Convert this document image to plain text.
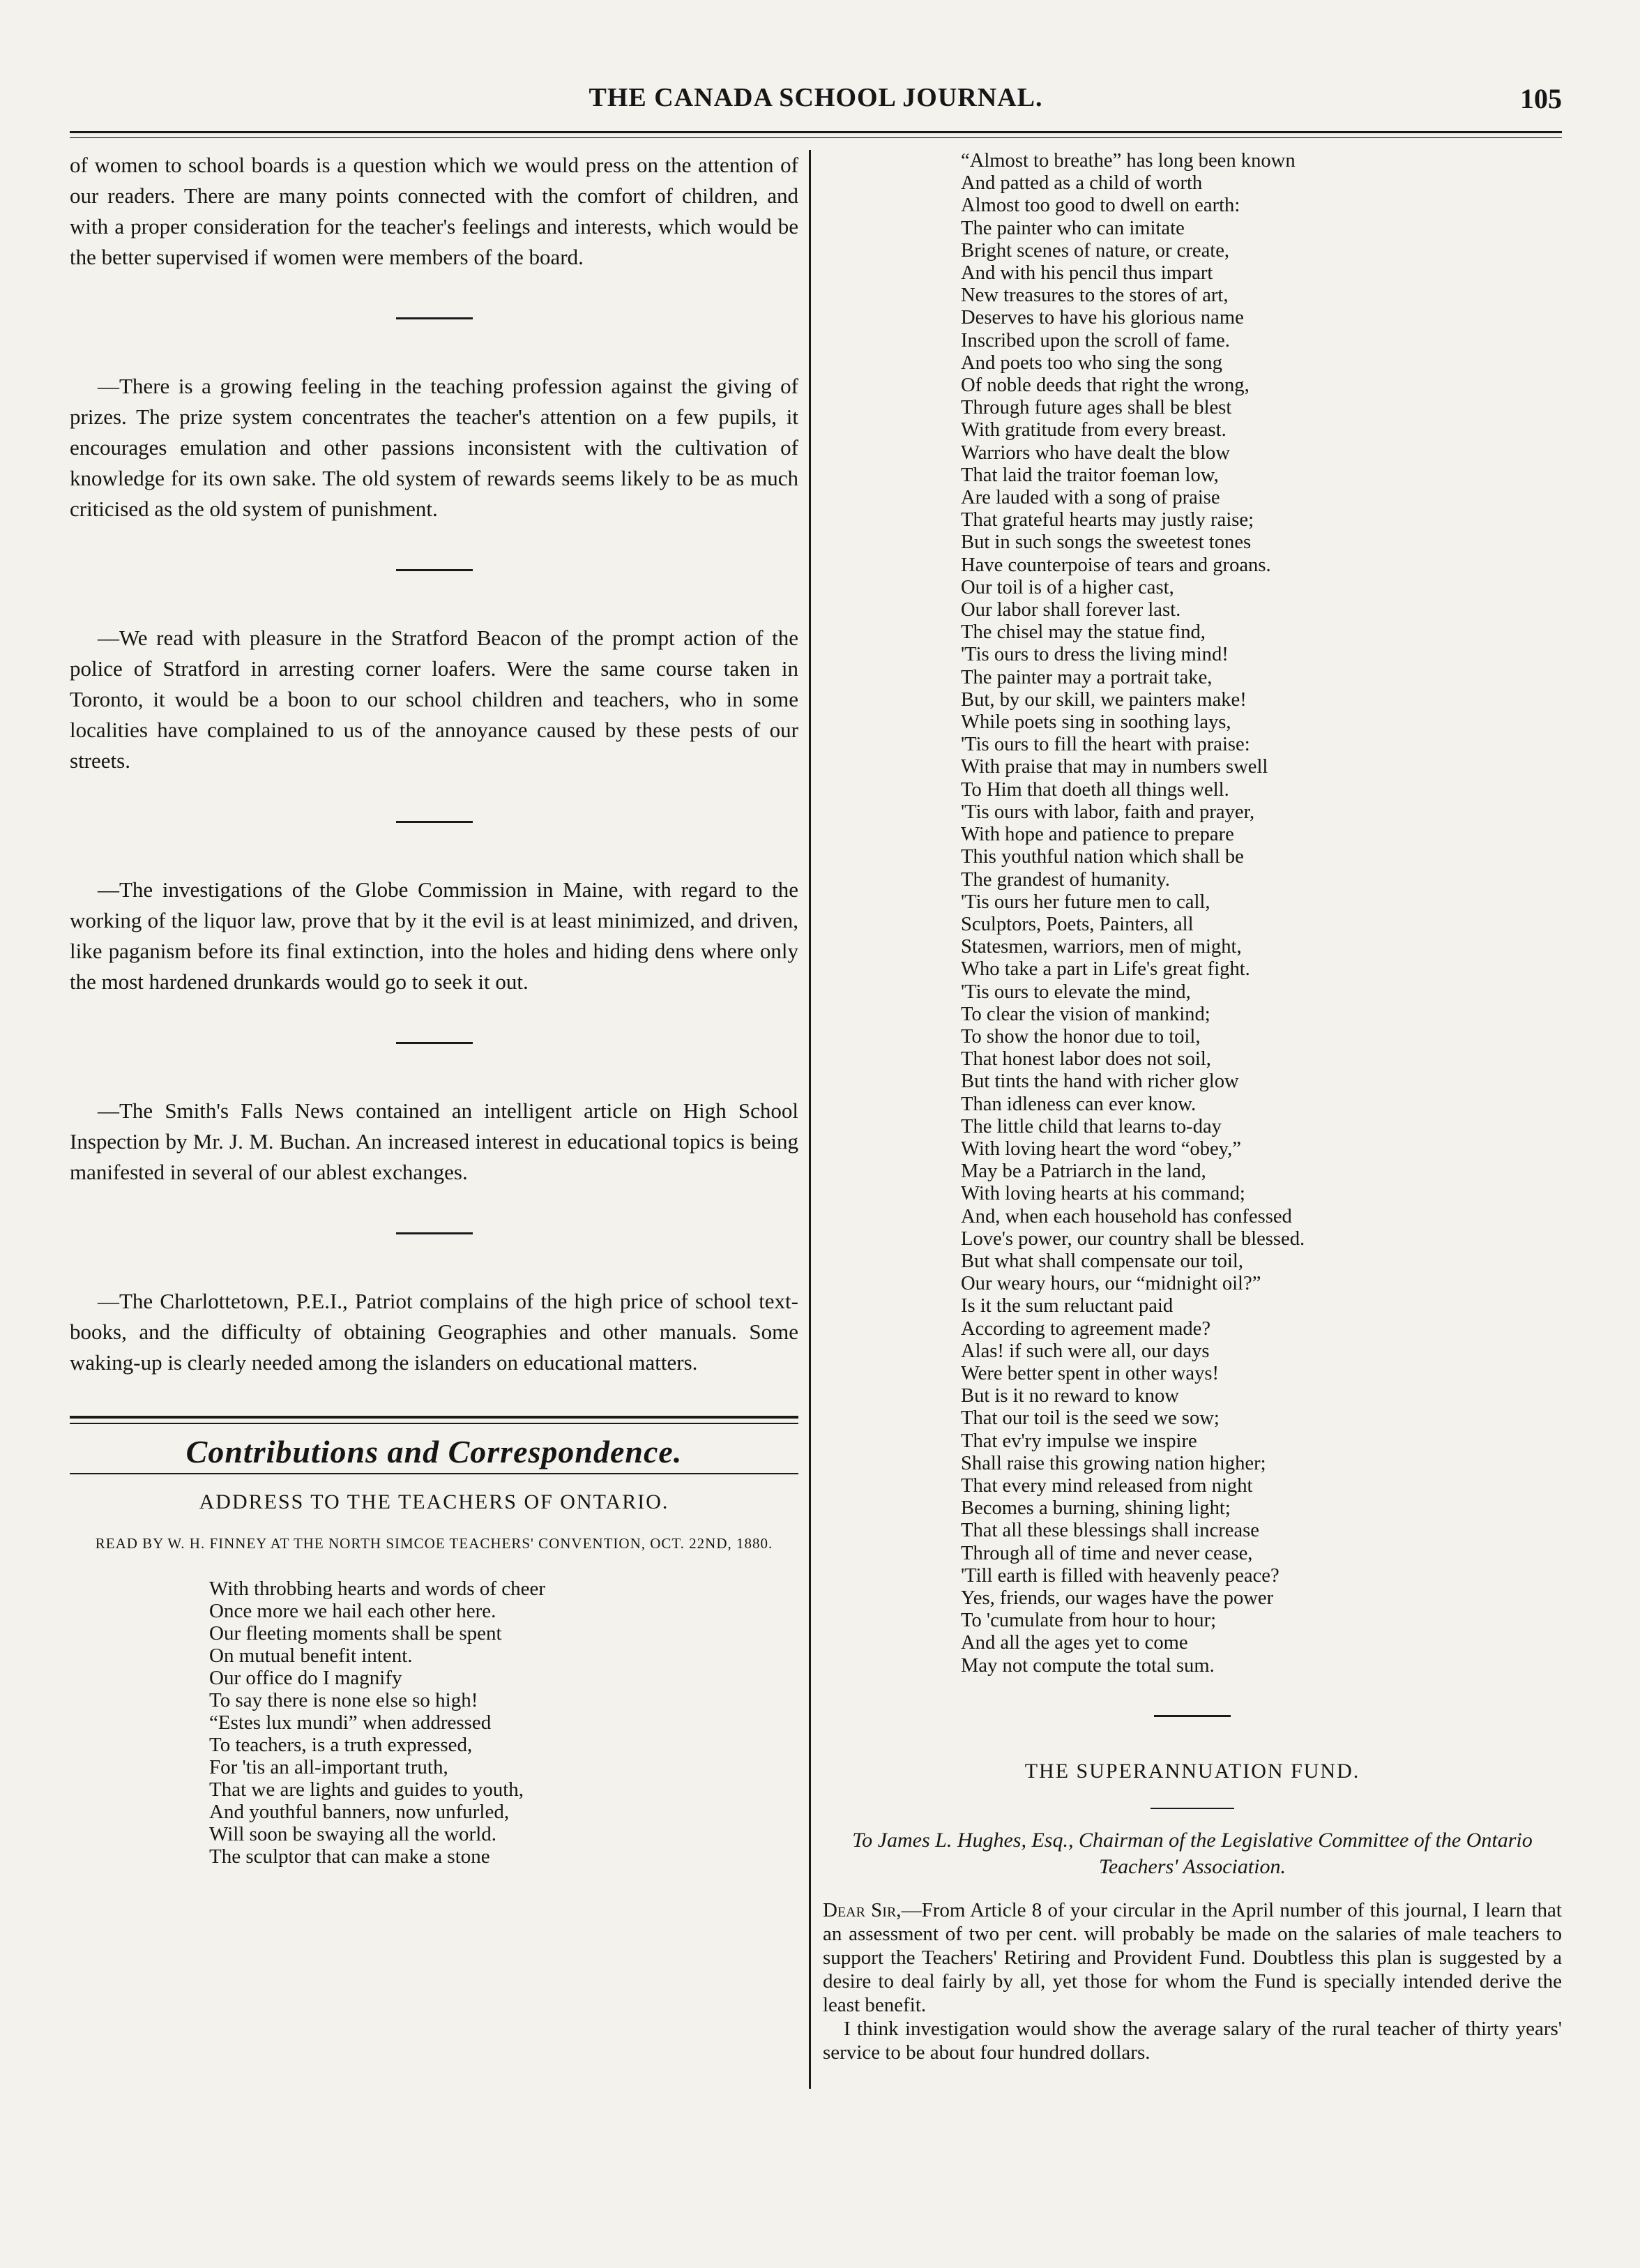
THE CANADA SCHOOL JOURNAL.	105

of women to school boards is a question which we would press on the attention of our readers. There are many points connected with the comfort of children, and with a proper consideration for the teacher's feelings and interests, which would be the better supervised if women were members of the board.

—There is a growing feeling in the teaching profession against the giving of prizes. The prize system concentrates the teacher's attention on a few pupils, it encourages emulation and other passions inconsistent with the cultivation of knowledge for its own sake. The old system of rewards seems likely to be as much criticised as the old system of punishment.

—We read with pleasure in the Stratford Beacon of the prompt action of the police of Stratford in arresting corner loafers. Were the same course taken in Toronto, it would be a boon to our school children and teachers, who in some localities have complained to us of the annoyance caused by these pests of our streets.

—The investigations of the Globe Commission in Maine, with regard to the working of the liquor law, prove that by it the evil is at least minimized, and driven, like paganism before its final extinction, into the holes and hiding dens where only the most hardened drunkards would go to seek it out.

—The Smith's Falls News contained an intelligent article on High School Inspection by Mr. J. M. Buchan. An increased interest in educational topics is being manifested in several of our ablest exchanges.

—The Charlottetown, P.E.I., Patriot complains of the high price of school text-books, and the difficulty of obtaining Geographies and other manuals. Some waking-up is clearly needed among the islanders on educational matters.

Contributions and Correspondence.
ADDRESS TO THE TEACHERS OF ONTARIO.
READ BY W. H. FINNEY AT THE NORTH SIMCOE TEACHERS' CONVENTION, OCT. 22ND, 1880.
With throbbing hearts and words of cheer
Once more we hail each other here.
Our fleeting moments shall be spent
On mutual benefit intent.
Our office do I magnify
To say there is none else so high!
“Estes lux mundi” when addressed
To teachers, is a truth expressed,
For 'tis an all-important truth,
That we are lights and guides to youth,
And youthful banners, now unfurled,
Will soon be swaying all the world.
The sculptor that can make a stone
“Almost to breathe” has long been known
And patted as a child of worth
Almost too good to dwell on earth:
The painter who can imitate
Bright scenes of nature, or create,
And with his pencil thus impart
New treasures to the stores of art,
Deserves to have his glorious name
Inscribed upon the scroll of fame.
And poets too who sing the song
Of noble deeds that right the wrong,
Through future ages shall be blest
With gratitude from every breast.
Warriors who have dealt the blow
That laid the traitor foeman low,
Are lauded with a song of praise
That grateful hearts may justly raise;
But in such songs the sweetest tones
Have counterpoise of tears and groans.
Our toil is of a higher cast,
Our labor shall forever last.
The chisel may the statue find,
'Tis ours to dress the living mind!
The painter may a portrait take,
But, by our skill, we painters make!
While poets sing in soothing lays,
'Tis ours to fill the heart with praise:
With praise that may in numbers swell
To Him that doeth all things well.
'Tis ours with labor, faith and prayer,
With hope and patience to prepare
This youthful nation which shall be
The grandest of humanity.
'Tis ours her future men to call,
Sculptors, Poets, Painters, all
Statesmen, warriors, men of might,
Who take a part in Life's great fight.
'Tis ours to elevate the mind,
To clear the vision of mankind;
To show the honor due to toil,
That honest labor does not soil,
But tints the hand with richer glow
Than idleness can ever know.
The little child that learns to-day
With loving heart the word “obey,”
May be a Patriarch in the land,
With loving hearts at his command;
And, when each household has confessed
Love's power, our country shall be blessed.
But what shall compensate our toil,
Our weary hours, our “midnight oil?”
Is it the sum reluctant paid
According to agreement made?
Alas! if such were all, our days
Were better spent in other ways!
But is it no reward to know
That our toil is the seed we sow;
That ev'ry impulse we inspire
Shall raise this growing nation higher;
That every mind released from night
Becomes a burning, shining light;
That all these blessings shall increase
Through all of time and never cease,
'Till earth is filled with heavenly peace?
Yes, friends, our wages have the power
To 'cumulate from hour to hour;
And all the ages yet to come
May not compute the total sum.
THE SUPERANNUATION FUND.
To James L. Hughes, Esq., Chairman of the Legislative Committee of the Ontario Teachers' Association.

Dear Sir,—From Article 8 of your circular in the April number of this journal, I learn that an assessment of two per cent. will probably be made on the salaries of male teachers to support the Teachers' Retiring and Provident Fund. Doubtless this plan is suggested by a desire to deal fairly by all, yet those for whom the Fund is specially intended derive the least benefit.

I think investigation would show the average salary of the rural teacher of thirty years' service to be about four hundred dollars.
